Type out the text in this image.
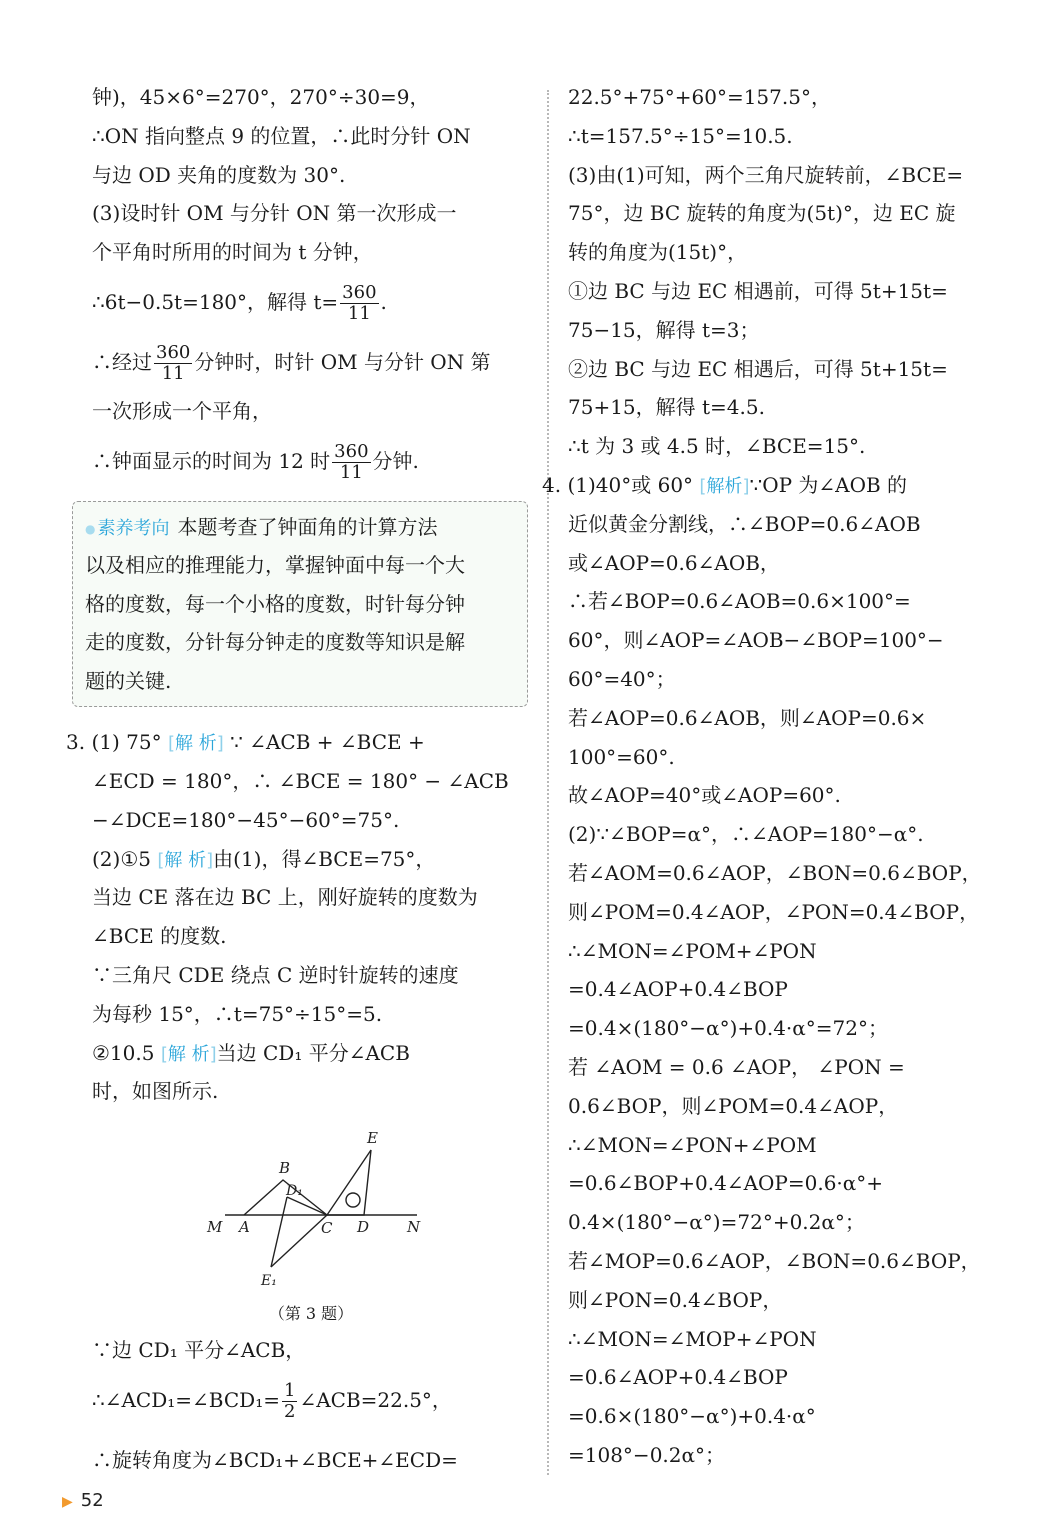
钟)，45×6°=270°，270°÷30=9，
∴ON 指向整点 9 的位置，∴此时分针 ON
与边 OD 夹角的度数为 30°.
(3)设时针 OM 与分针 ON 第一次形成一
个平角时所用的时间为 t 分钟，
∴6t−0.5t=180°，解得 $t= \frac{360}{11}$ .
∴经过 $\frac{360}{11}$ 分钟时，时针 OM 与分针 ON 第
一次形成一个平角，
∴钟面显示的时间为 12 时 $\frac{360}{11}$ 分钟.
● 素养考向 本题考查了钟面角的计算方法
以及相应的推理能力，掌握钟面中每一个大
格的度数，每一个小格的度数，时针每分钟
走的度数，分针每分钟走的度数等知识是解
题的关键.
3. (1) 75° [解 析] ∵ ∠ACB + ∠BCE +
∠ECD = 180°，∴ ∠BCE = 180° − ∠ACB
−∠DCE=180°−45°−60°=75°.
(2)①5 [解 析]由(1)，得∠BCE=75°，
当边 CE 落在边 BC 上，刚好旋转的度数为
∠BCE 的度数.
∵三角尺 CDE 绕点 C 逆时针旋转的速度
为每秒 15°，∴t=75°÷15°=5.
②10.5 [解 析]当边 CD₁ 平分∠ACB
时，如图所示.
E
B
D₁
M A	C D	N
E₁
（第 3 题）
∵边 CD₁ 平分∠ACB，
∴∠ACD₁=∠BCD₁= $\frac{1}{2}$ ∠ACB=22.5°，
∴旋转角度为∠BCD₁+∠BCE+∠ECD=
22.5°+75°+60°=157.5°，
∴t=157.5°÷15°=10.5.
(3)由(1)可知，两个三角尺旋转前，∠BCE=
75°，边 BC 旋转的角度为(5t)°，边 EC 旋
转的角度为(15t)°，
①边 BC 与边 EC 相遇前，可得 5t+15t=
75−15，解得 t=3；
②边 BC 与边 EC 相遇后，可得 5t+15t=
75+15，解得 t=4.5.
∴t 为 3 或 4.5 时，∠BCE=15°.
4. (1)40°或 60° [解析]∵OP 为∠AOB 的
近似黄金分割线，∴∠BOP=0.6∠AOB
或∠AOP=0.6∠AOB，
∴若∠BOP=0.6∠AOB=0.6×100°=
60°，则∠AOP=∠AOB−∠BOP=100°−
60°=40°；
若∠AOP=0.6∠AOB，则∠AOP=0.6×
100°=60°.
故∠AOP=40°或∠AOP=60°.
(2)∵∠BOP=α°，∴∠AOP=180°−α°.
若∠AOM=0.6∠AOP，∠BON=0.6∠BOP，
则∠POM=0.4∠AOP，∠PON=0.4∠BOP，
∴∠MON=∠POM+∠PON
=0.4∠AOP+0.4∠BOP
=0.4×(180°−α°)+0.4·α°=72°；
若 ∠AOM = 0.6 ∠AOP， ∠PON =
0.6∠BOP，则∠POM=0.4∠AOP，
∴∠MON=∠PON+∠POM
=0.6∠BOP+0.4∠AOP=0.6·α°+
0.4×(180°−α°)=72°+0.2α°；
若∠MOP=0.6∠AOP，∠BON=0.6∠BOP，
则∠PON=0.4∠BOP，
∴∠MON=∠MOP+∠PON
=0.6∠AOP+0.4∠BOP
=0.6×(180°−α°)+0.4·α°
=108°−0.2α°；
▶ 52
